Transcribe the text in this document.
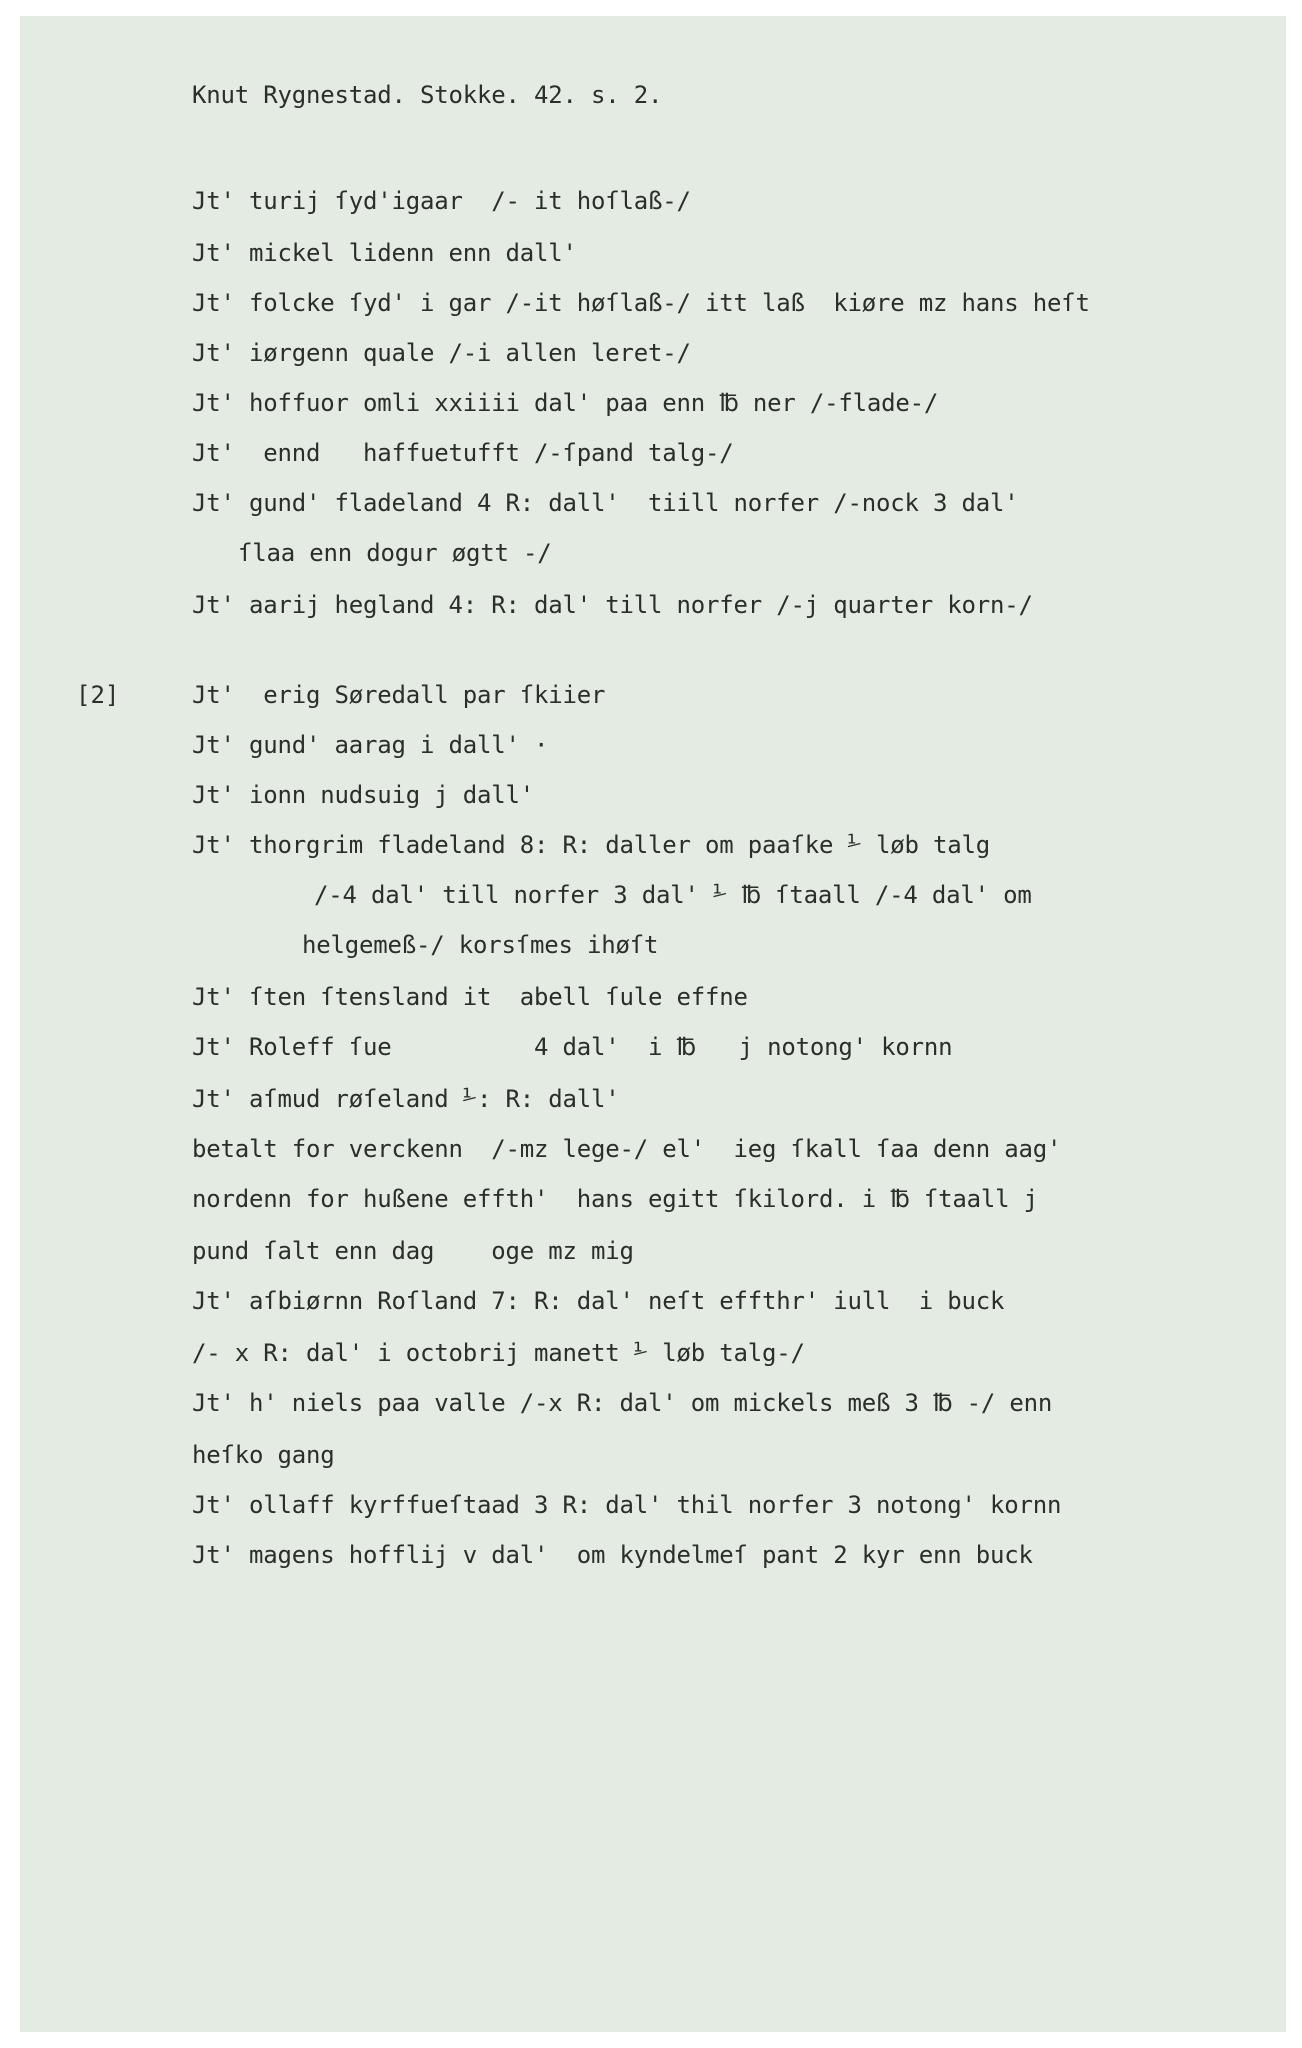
Knut Rygnestad. Stokke. 42. s. 2.
Jt' turij ſyd'igaar  /- it hoſlaß-/
Jt' mickel lidenn enn dall'
Jt' folcke ſyd' i gar /-it høſlaß-/ itt laß  kiøre mz hans heſt
Jt' iørgenn quale /-i allen leret-/
Jt' hoffuor omli xxiiii dal' paa enn ℔ ner /-flade-/
Jt'  ennd   haffuetufft /-ſpand talg-/
Jt' gund' fladeland 4 R: dall'  tiill norfer /-nock 3 dal'
ſlaa enn dogur øgtt -/
Jt' aarij hegland 4: R: dal' till norfer /-j quarter korn-/
[2]	Jt'  erig Søredall par ſkiier
Jt' gund' aarag i dall' ·
Jt' ionn nudsuig j dall'
Jt' thorgrim fladeland 8: R: daller om paaſke ⅟ løb talg
/-4 dal' till norfer 3 dal' ⅟ ℔ ſtaall /-4 dal' om
helgemeß-/ korsſmes ihøſt
Jt' ſten ſtensland it  abell ſule effne
Jt' Roleff ſue          4 dal'  i ℔   j notong' kornn
Jt' aſmud røſeland ⅟: R: dall'
betalt for verckenn  /-mz lege-/ el'  ieg ſkall ſaa denn aag'
nordenn for hußene effth'  hans egitt ſkilord. i ℔ ſtaall j
pund ſalt enn dag    oge mz mig
Jt' aſbiørnn Roſland 7: R: dal' neſt effthr' iull  i buck
/- x R: dal' i octobrij manett ⅟ løb talg-/
Jt' h' niels paa valle /-x R: dal' om mickels meß 3 ℔ -/ enn
heſko gang
Jt' ollaff kyrffueſtaad 3 R: dal' thil norfer 3 notong' kornn
Jt' magens hofflij v dal'  om kyndelmeſ pant 2 kyr enn buck
